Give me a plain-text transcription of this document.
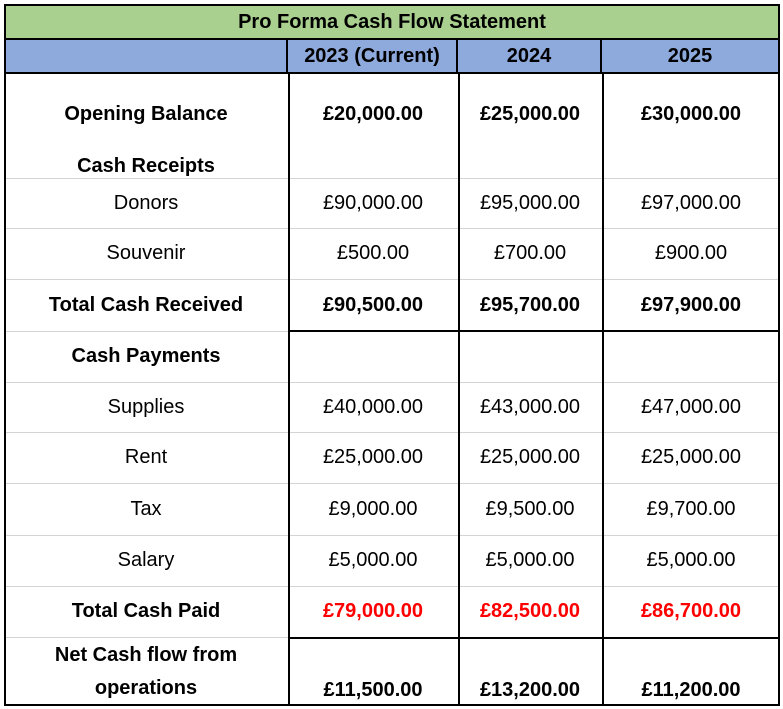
Pro Forma Cash Flow Statement
2023 (Current)	2024	2025
Opening Balance	£20,000.00	£25,000.00	£30,000.00
Cash Receipts
Donors	£90,000.00	£95,000.00	£97,000.00
Souvenir	£500.00	£700.00	£900.00
Total Cash Received	£90,500.00	£95,700.00	£97,900.00
Cash Payments
Supplies	£40,000.00	£43,000.00	£47,000.00
Rent	£25,000.00	£25,000.00	£25,000.00
Tax	£9,000.00	£9,500.00	£9,700.00
Salary	£5,000.00	£5,000.00	£5,000.00
Total Cash Paid	£79,000.00	£82,500.00	£86,700.00
Net Cash flow from
operations	£11,500.00	£13,200.00	£11,200.00
